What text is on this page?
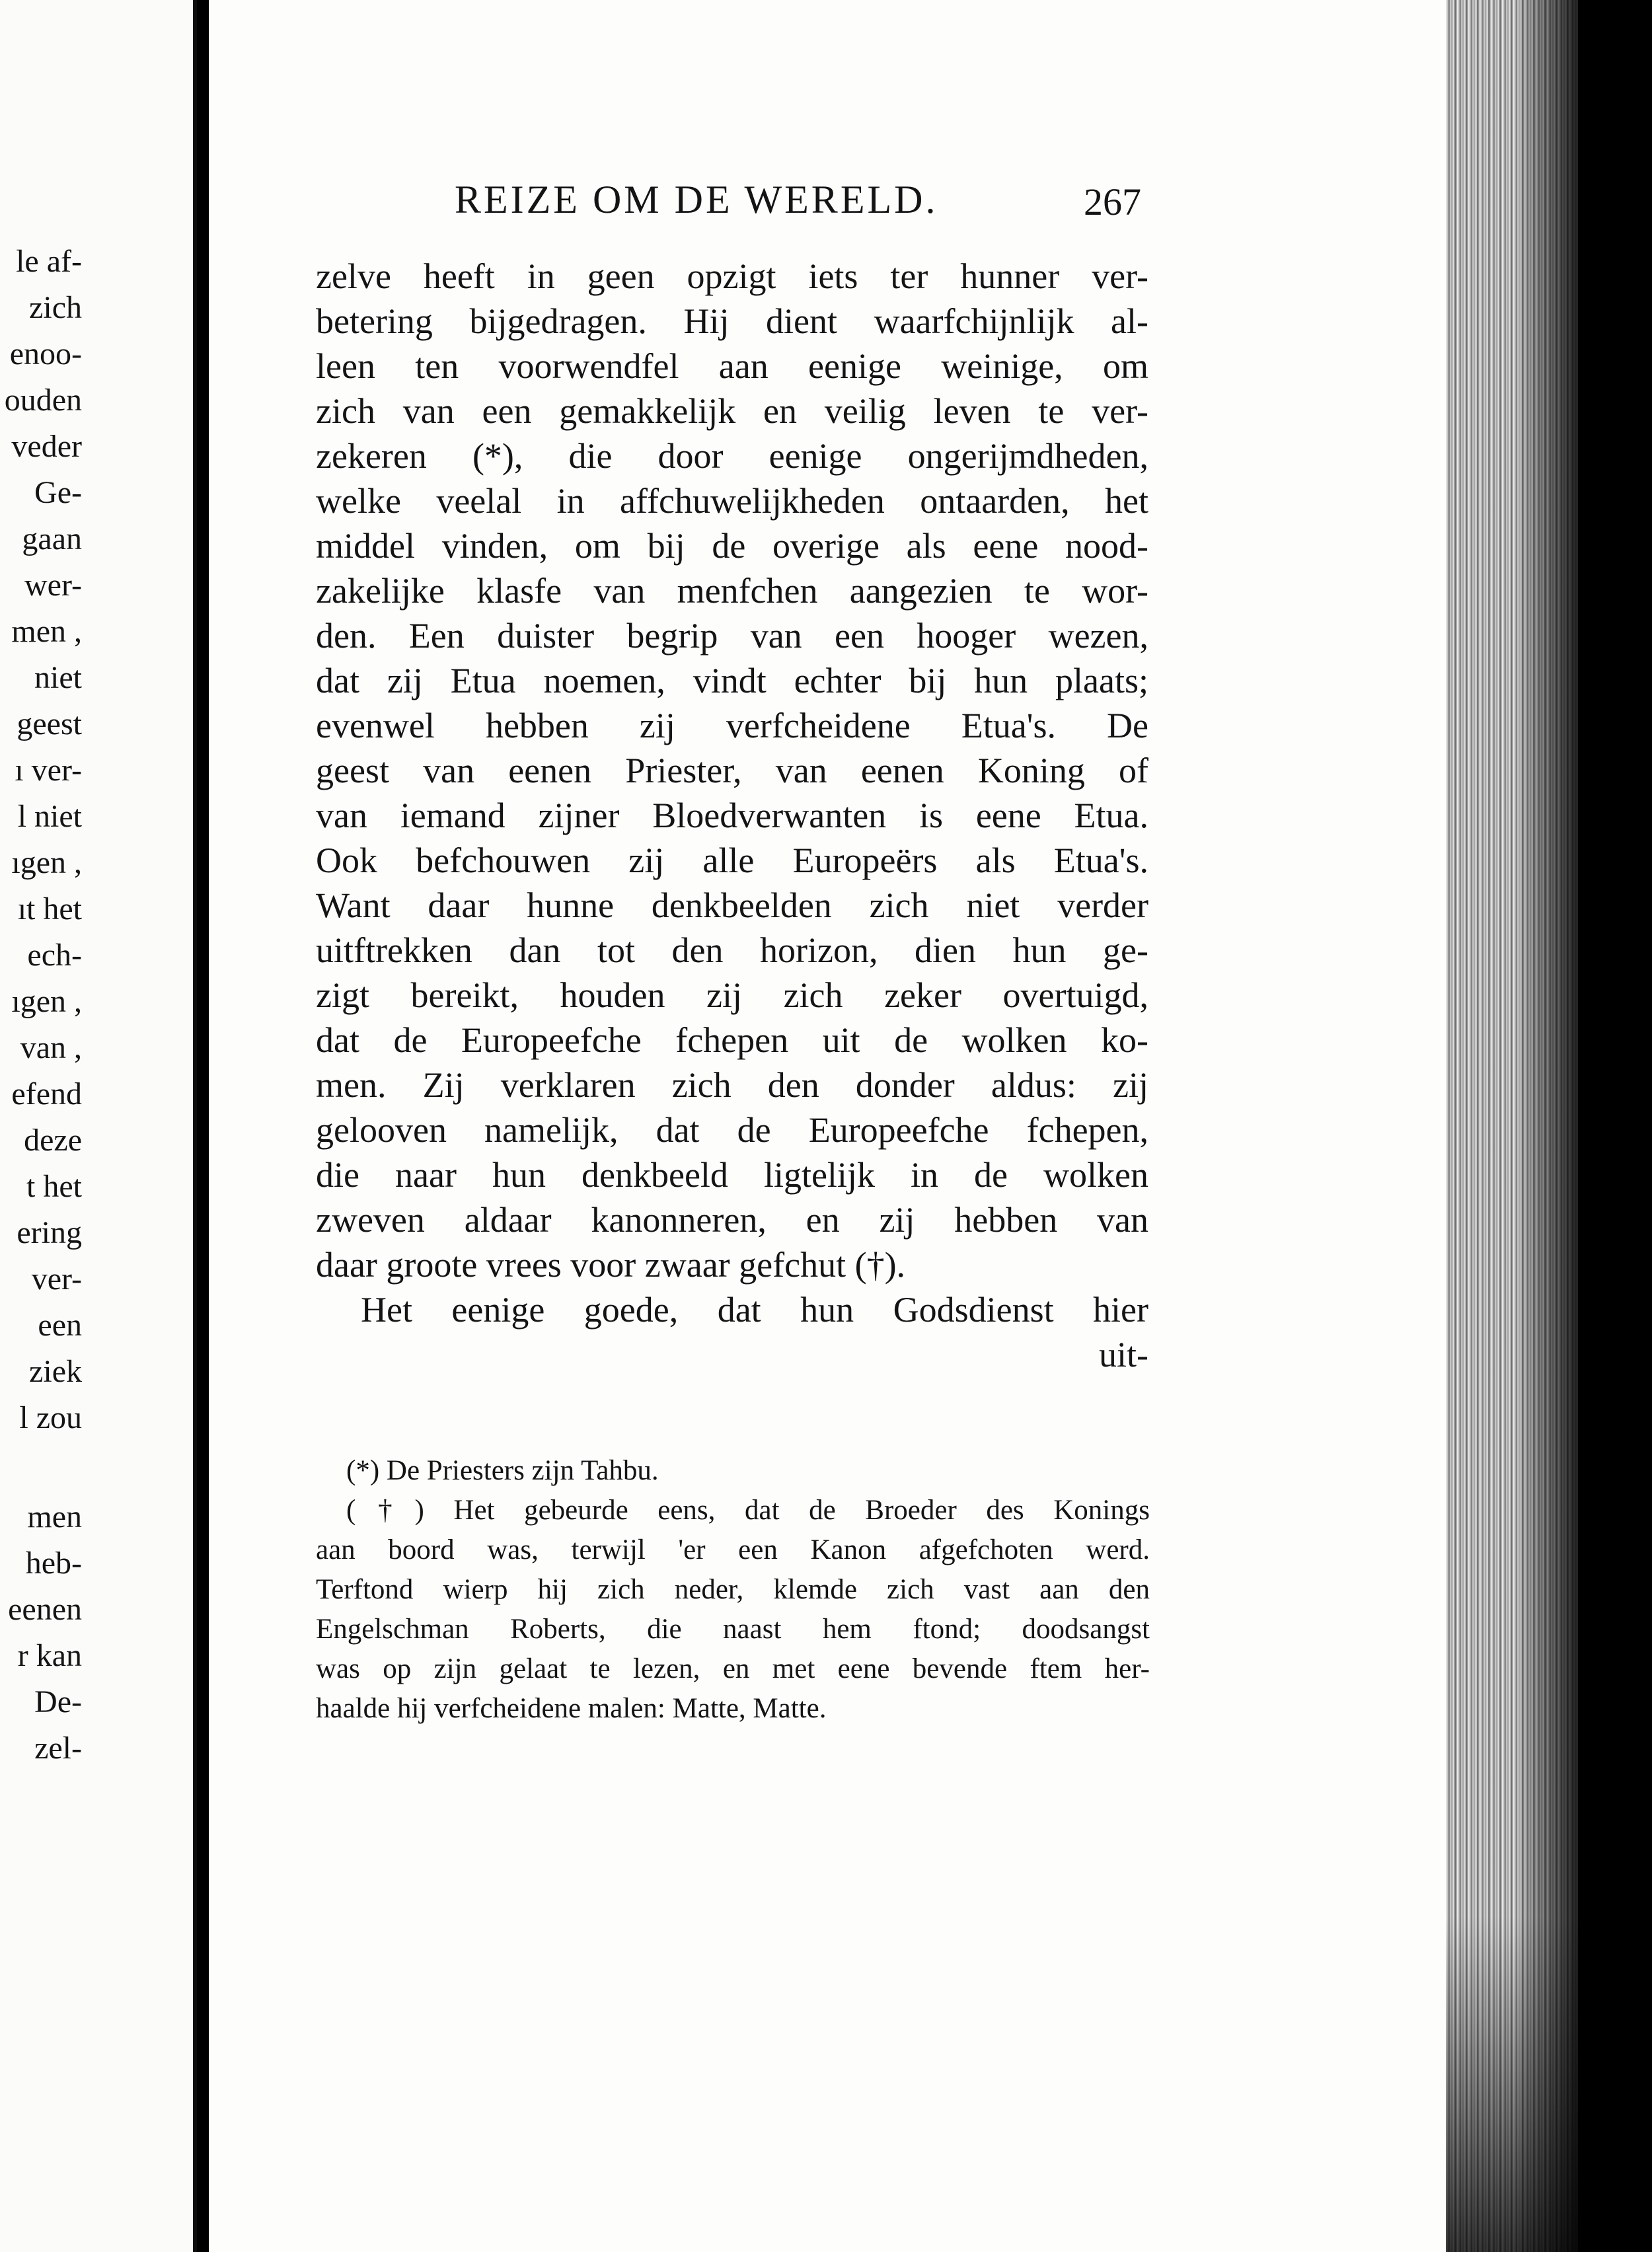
le af-
zich
enoo-
ouden
veder
Ge-
gaan
wer-
men ,
niet
geest
ı ver-
l niet
ıgen ,
ıt het
ech-
ıgen ,
van ,
efend
deze
t het
ering
ver-
een
ziek
l zou
men
heb-
eenen
r kan
De-
zel-
REIZE OM DE WERELD.	267
zelve heeft in geen opzigt iets ter hunner ver-
betering bijgedragen. Hij dient waarfchijnlijk al-
leen ten voorwendfel aan eenige weinige, om
zich van een gemakkelijk en veilig leven te ver-
zekeren (*), die door eenige ongerijmdheden,
welke veelal in affchuwelijkheden ontaarden, het
middel vinden, om bij de overige als eene nood-
zakelijke klasfe van menfchen aangezien te wor-
den. Een duister begrip van een hooger wezen,
dat zij Etua noemen, vindt echter bij hun plaats;
evenwel hebben zij verfcheidene Etua's. De
geest van eenen Priester, van eenen Koning of
van iemand zijner Bloedverwanten is eene Etua.
Ook befchouwen zij alle Europeërs als Etua's.
Want daar hunne denkbeelden zich niet verder
uitftrekken dan tot den horizon, dien hun ge-
zigt bereikt, houden zij zich zeker overtuigd,
dat de Europeefche fchepen uit de wolken ko-
men. Zij verklaren zich den donder aldus: zij
gelooven namelijk, dat de Europeefche fchepen,
die naar hun denkbeeld ligtelijk in de wolken
zweven aldaar kanonneren, en zij hebben van
daar groote vrees voor zwaar gefchut (†).
Het eenige goede, dat hun Godsdienst hier
uit-
(*) De Priesters zijn Tahbu.
(†) Het gebeurde eens, dat de Broeder des Konings
aan boord was, terwijl 'er een Kanon afgefchoten werd.
Terftond wierp hij zich neder, klemde zich vast aan den
Engelschman Roberts, die naast hem ftond; doodsangst
was op zijn gelaat te lezen, en met eene bevende ftem her-
haalde hij verfcheidene malen: Matte, Matte.
